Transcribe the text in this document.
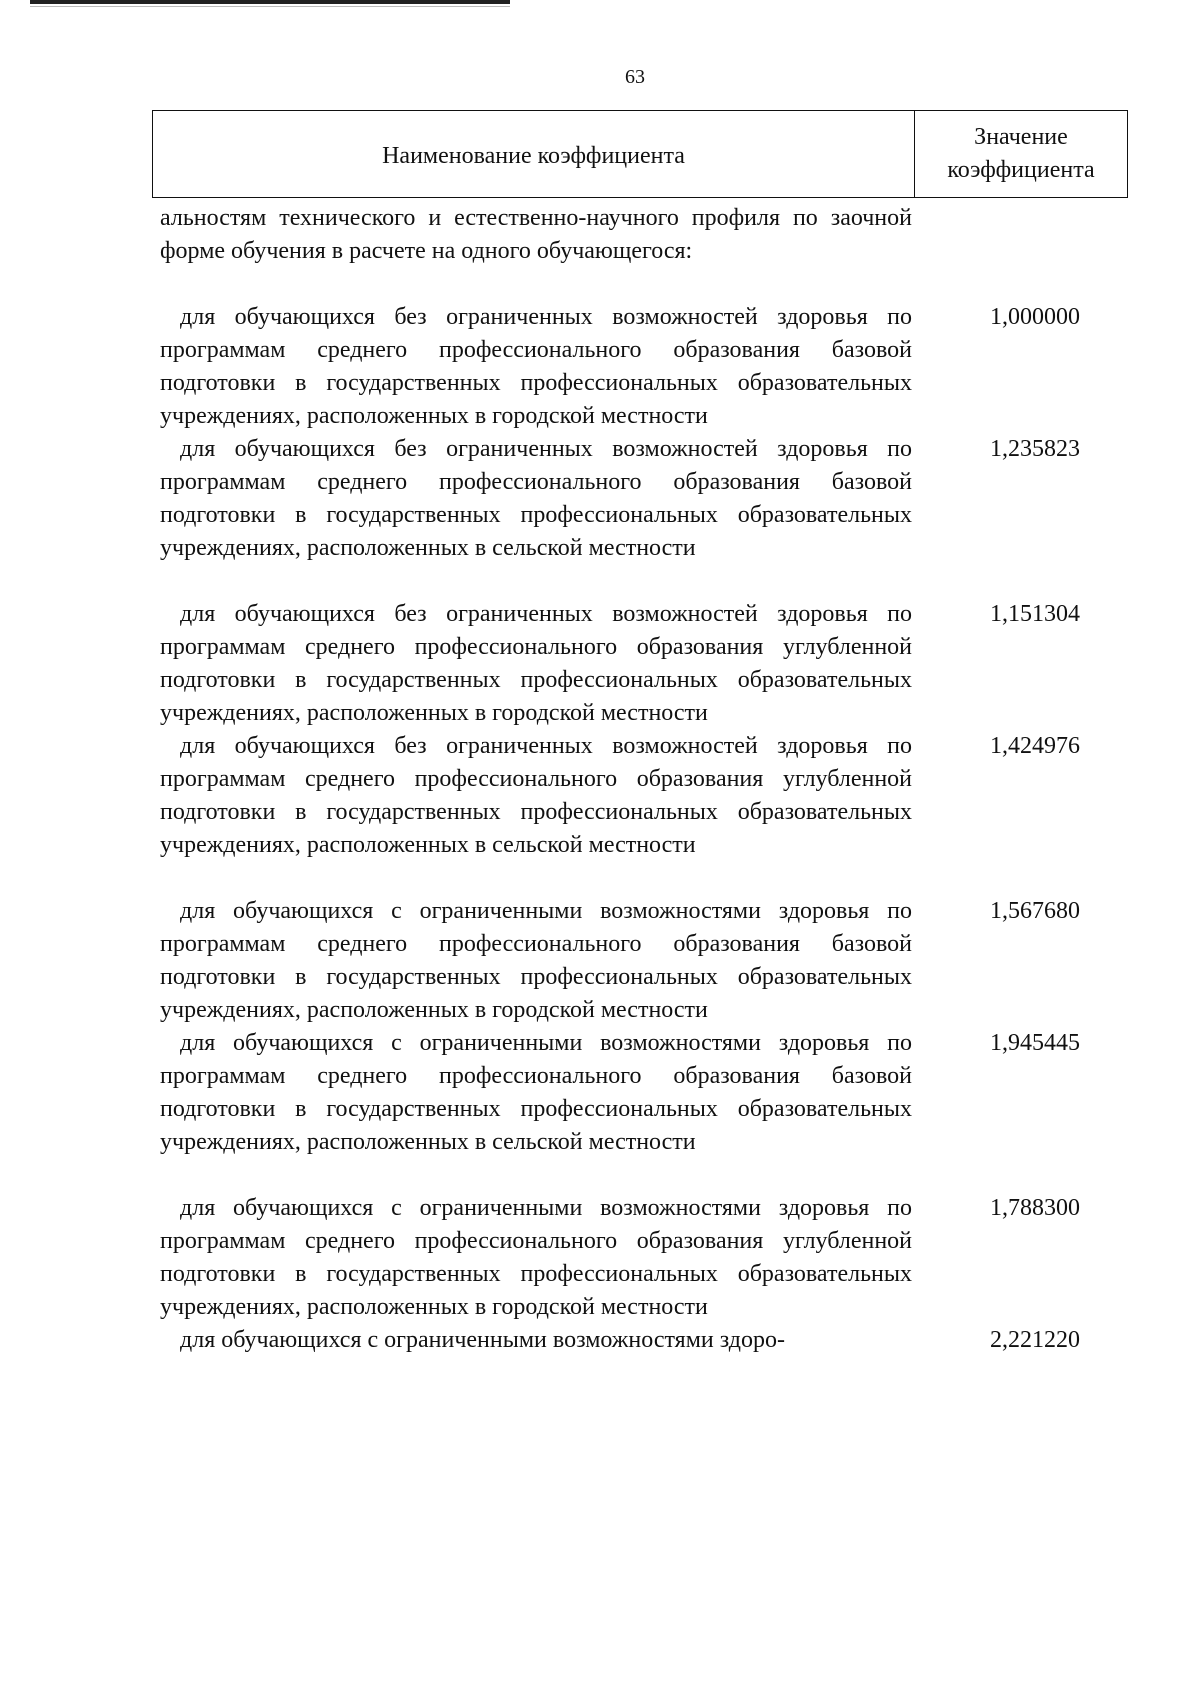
63
Наименование коэффициента
Значение
коэффициента
альностям технического и естественно-научного профиля по заочной форме обучения в расчете на одного обучающегося:
для обучающихся без ограниченных возможностей здоровья по программам среднего профессионального образования базовой подготовки в государственных профессиональных образовательных учреждениях, расположенных в городской местности
1,000000
для обучающихся без ограниченных возможностей здоровья по программам среднего профессионального образования базовой подготовки в государственных профессиональных образовательных учреждениях, расположенных в сельской местности
1,235823
для обучающихся без ограниченных возможностей здоровья по программам среднего профессионального образования углубленной подготовки в государственных профессиональных образовательных учреждениях, расположенных в городской местности
1,151304
для обучающихся без ограниченных возможностей здоровья по программам среднего профессионального образования углубленной подготовки в государственных профессиональных образовательных учреждениях, расположенных в сельской местности
1,424976
для обучающихся с ограниченными возможностями здоровья по программам среднего профессионального образования базовой подготовки в государственных профессиональных образовательных учреждениях, расположенных в городской местности
1,567680
для обучающихся с ограниченными возможностями здоровья по программам среднего профессионального образования базовой подготовки в государственных профессиональных образовательных учреждениях, расположенных в сельской местности
1,945445
для обучающихся с ограниченными возможностями здоровья по программам среднего профессионального образования углубленной подготовки в государственных профессиональных образовательных учреждениях, расположенных в городской местности
1,788300
для обучающихся с ограниченными возможностями здоро-	2,221220
